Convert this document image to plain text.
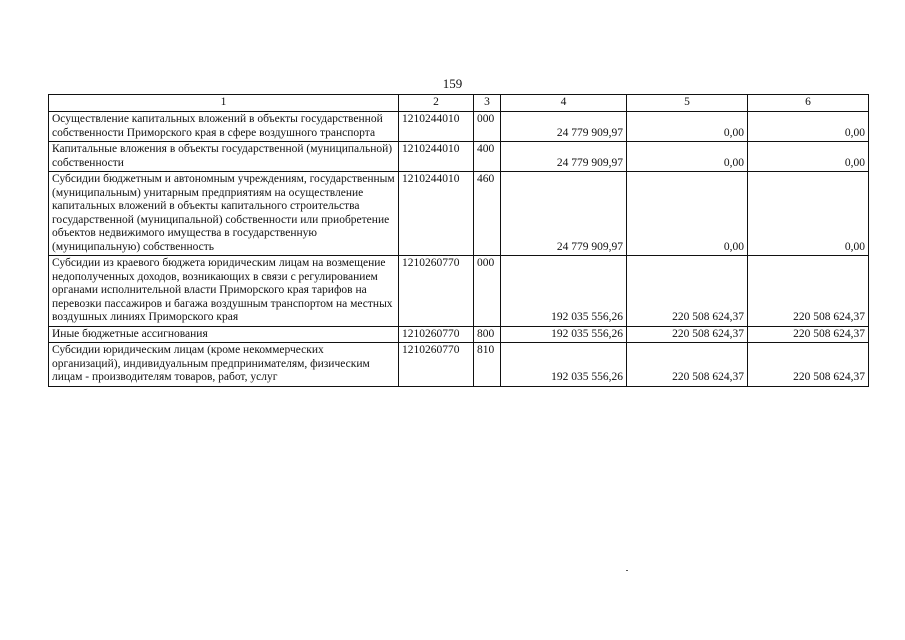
159
1	2	3	4	5	6
Осуществление капитальных вложений в объекты государственной собственности Приморского края в сфере воздушного транспорта	1210244010	000	24 779 909,97	0,00	0,00
Капитальные вложения в объекты государственной (муниципальной) собственности	1210244010	400	24 779 909,97	0,00	0,00
Субсидии бюджетным и автономным учреждениям, государственным (муниципальным) унитарным предприятиям на осуществление капитальных вложений в объекты капитального строительства государственной (муниципальной) собственности или приобретение объектов недвижимого имущества в государственную (муниципальную) собственность	1210244010	460	24 779 909,97	0,00	0,00
Субсидии из краевого бюджета юридическим лицам на возмещение недополученных доходов, возникающих в связи с регулированием органами исполнительной власти Приморского края тарифов на перевозки пассажиров и багажа воздушным транспортом на местных воздушных линиях Приморского края	1210260770	000	192 035 556,26	220 508 624,37	220 508 624,37
Иные бюджетные ассигнования	1210260770	800	192 035 556,26	220 508 624,37	220 508 624,37
Субсидии юридическим лицам (кроме некоммерческих организаций), индивидуальным предпринимателям, физическим лицам - производителям товаров, работ, услуг	1210260770	810	192 035 556,26	220 508 624,37	220 508 624,37
